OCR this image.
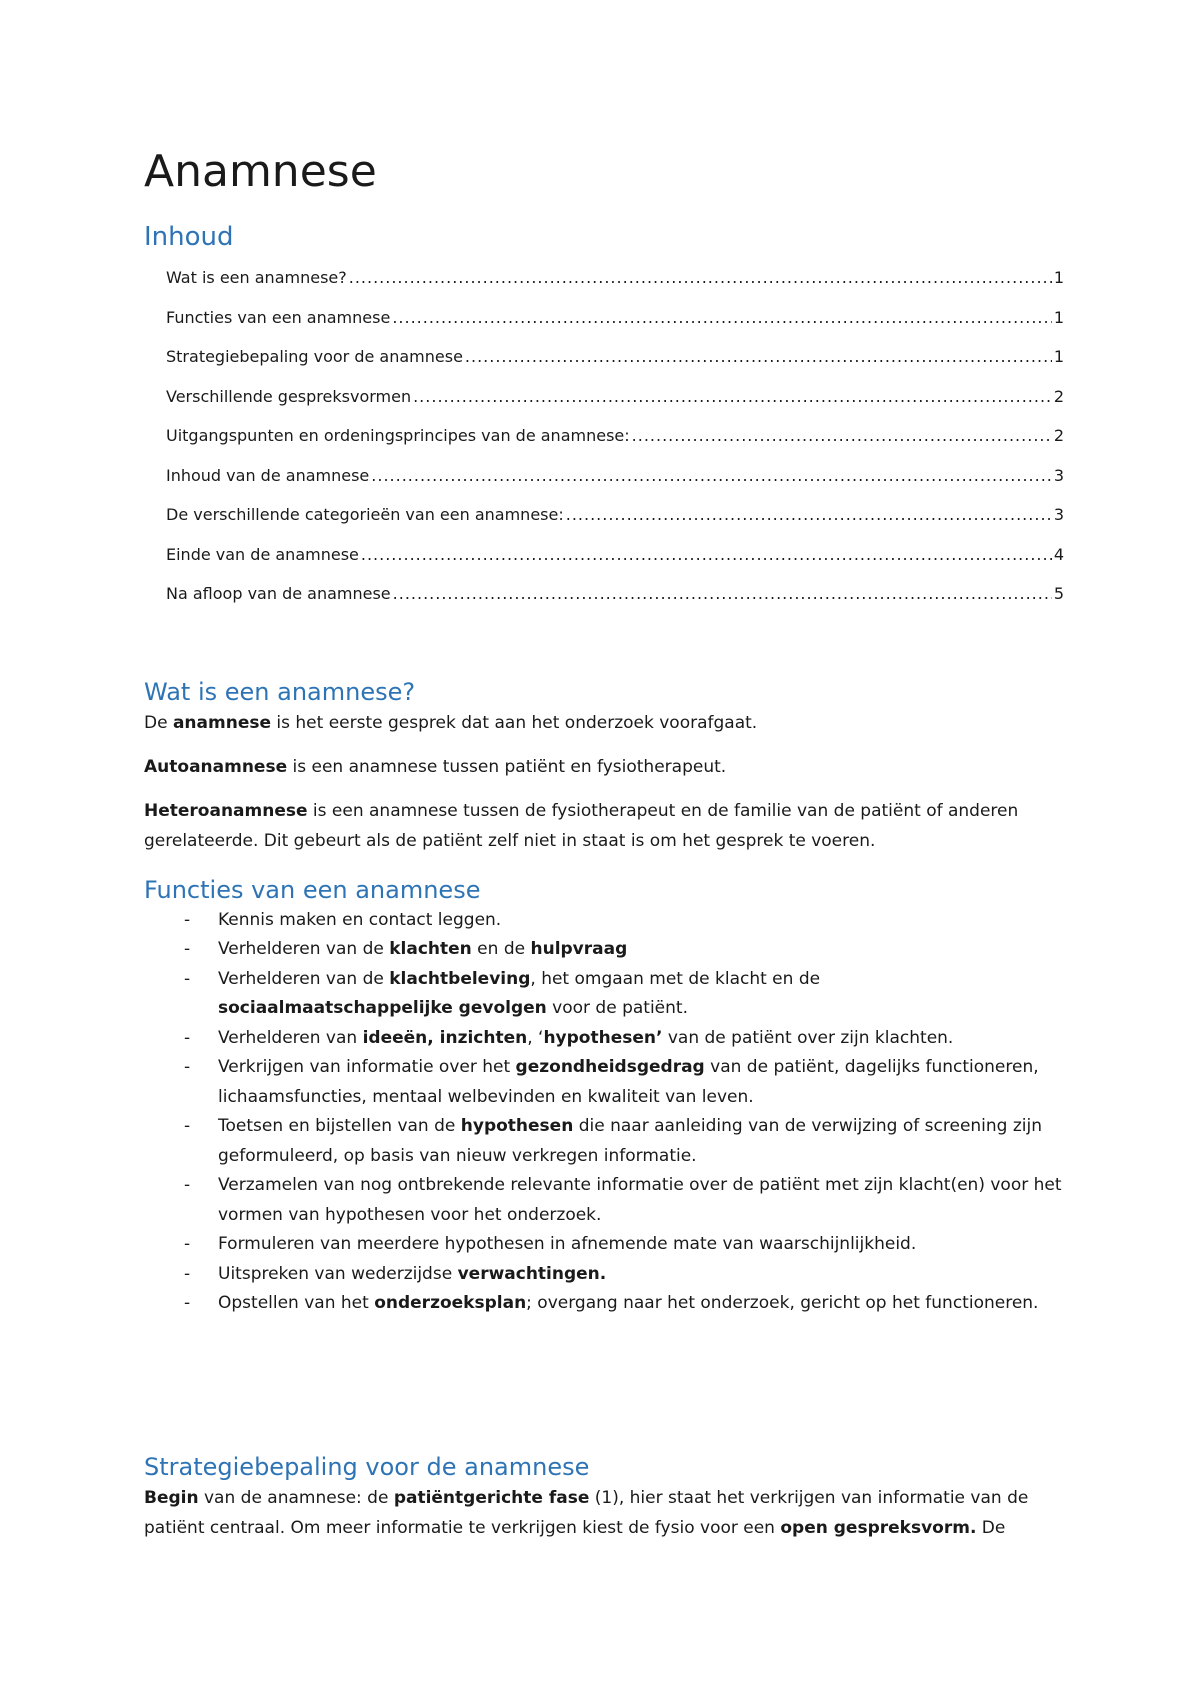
Anamnese
Inhoud
Wat is een anamnese? .....	1
Functies van een anamnese .....	1
Strategiebepaling voor de anamnese .....	1
Verschillende gespreksvormen .....	2
Uitgangspunten en ordeningsprincipes van de anamnese: .....	2
Inhoud van de anamnese .....	3
De verschillende categorieën van een anamnese: .....	3
Einde van de anamnese .....	4
Na afloop van de anamnese .....	5
Wat is een anamnese?

De anamnese is het eerste gesprek dat aan het onderzoek voorafgaat.

Autoanamnese is een anamnese tussen patiënt en fysiotherapeut.

Heteroanamnese is een anamnese tussen de fysiotherapeut en de familie van de patiënt of anderen gerelateerde. Dit gebeurt als de patiënt zelf niet in staat is om het gesprek te voeren.

Functies van een anamnese
- Kennis maken en contact leggen.
- Verhelderen van de klachten en de hulpvraag
- Verhelderen van de klachtbeleving, het omgaan met de klacht en de
sociaalmaatschappelijke gevolgen voor de patiënt.
- Verhelderen van ideeën, inzichten, ‘hypothesen’ van de patiënt over zijn klachten.
- Verkrijgen van informatie over het gezondheidsgedrag van de patiënt, dagelijks functioneren, lichaamsfuncties, mentaal welbevinden en kwaliteit van leven.
- Toetsen en bijstellen van de hypothesen die naar aanleiding van de verwijzing of screening zijn geformuleerd, op basis van nieuw verkregen informatie.
- Verzamelen van nog ontbrekende relevante informatie over de patiënt met zijn klacht(en) voor het vormen van hypothesen voor het onderzoek.
- Formuleren van meerdere hypothesen in afnemende mate van waarschijnlijkheid.
- Uitspreken van wederzijdse verwachtingen.
- Opstellen van het onderzoeksplan; overgang naar het onderzoek, gericht op het functioneren.
Strategiebepaling voor de anamnese

Begin van de anamnese: de patiëntgerichte fase (1), hier staat het verkrijgen van informatie van de patiënt centraal. Om meer informatie te verkrijgen kiest de fysio voor een open gespreksvorm. De
